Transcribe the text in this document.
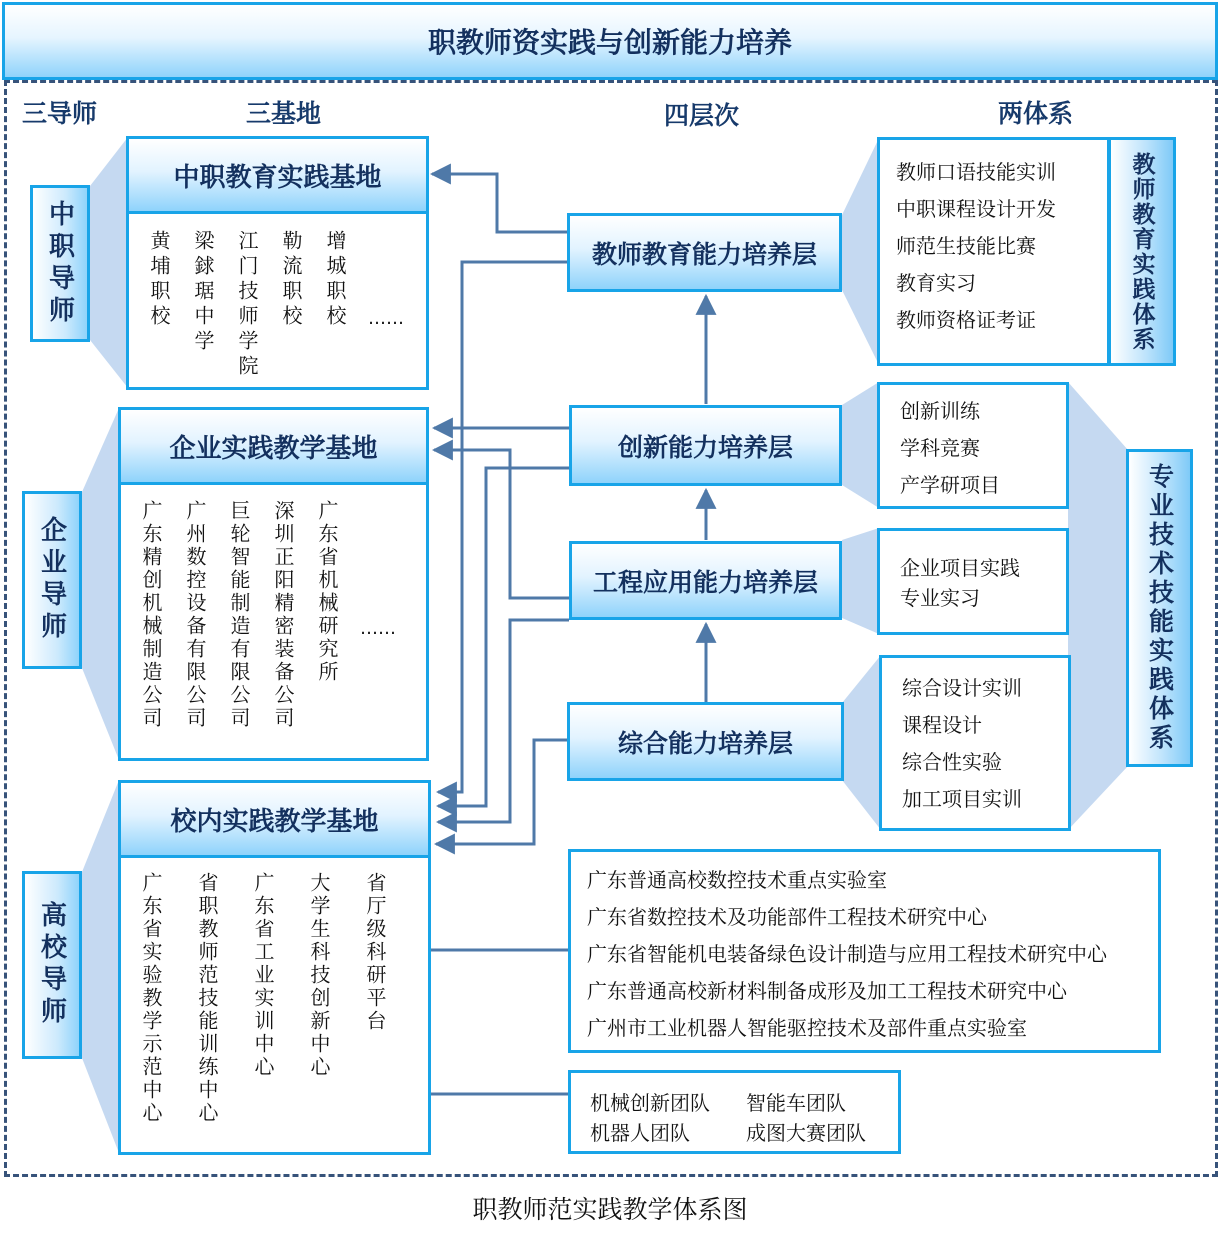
职教师资实践与创新能力培养
三导师	三基地	四层次	两体系
中职导师
企业导师
高校导师
中职教育实践基地
黄埔职校 梁銶琚中学 江门技师学院 勒流职校 增城职校 ……
企业实践教学基地
广东精创机械制造公司 广州数控设备有限公司 巨轮智能制造有限公司 深圳正阳精密装备公司 广东省机械研究所 ……
校内实践教学基地
广东省实验教学示范中心 省职教师范技能训练中心 广东省工业实训中心 大学生科技创新中心 省厅级科研平台
教师教育能力培养层
创新能力培养层
工程应用能力培养层
综合能力培养层
教师口语技能实训
中职课程设计开发
师范生技能比赛
教育实习
教师资格证考证	教师教育实践体系
创新训练
学科竞赛
产学研项目
企业项目实践
专业实习
综合设计实训
课程设计
综合性实验
加工项目实训
专业技术技能实践体系
广东普通高校数控技术重点实验室
广东省数控技术及功能部件工程技术研究中心
广东省智能机电装备绿色设计制造与应用工程技术研究中心
广东普通高校新材料制备成形及加工工程技术研究中心
广州市工业机器人智能驱控技术及部件重点实验室
机械创新团队 智能车团队
机器人团队	成图大赛团队
职教师范实践教学体系图
